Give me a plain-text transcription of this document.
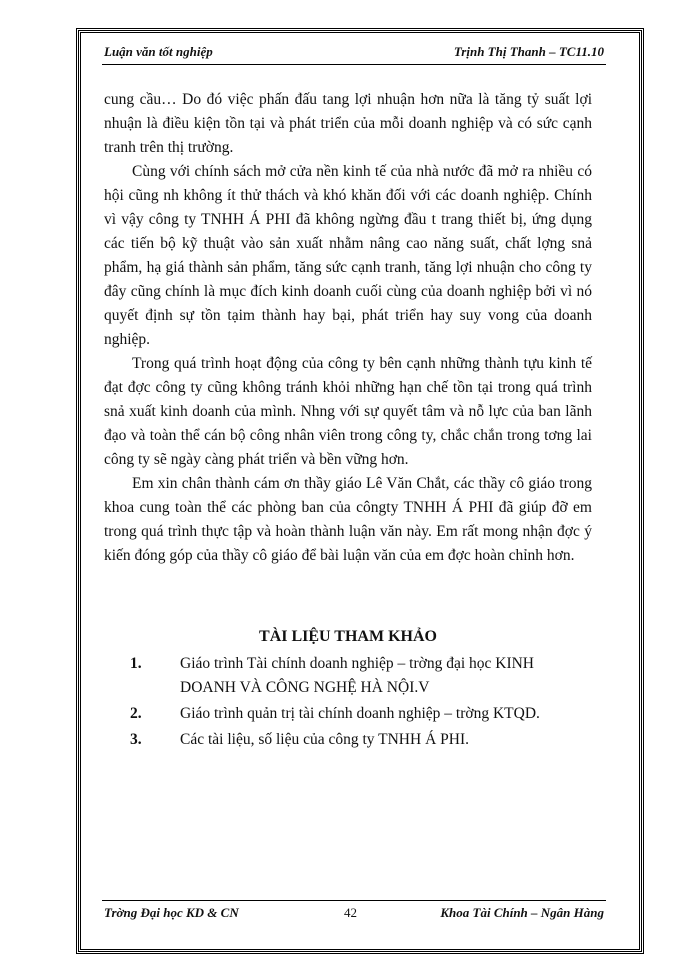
Luận văn tốt nghiệp	Trịnh Thị Thanh – TC11.10

cung cầu… Do đó việc phấn đấu tang lợi nhuận hơn nữa là tăng tỷ suất lợi nhuận là điều kiện tồn tại và phát triển của mỗi doanh nghiệp và có sức cạnh tranh trên thị trường.

Cùng với chính sách mở cửa nền kinh tế của nhà nước đã mở ra nhiều có hội cũng nh không ít thử thách và khó khăn đối với các doanh nghiệp. Chính vì vậy công ty TNHH Á PHI đã không ngừng đầu t trang thiết bị, ứng dụng các tiến bộ kỹ thuật vào sản xuất nhằm nâng cao năng suất, chất lợng snả phẩm, hạ giá thành sản phẩm, tăng sức cạnh tranh, tăng lợi nhuận cho công ty đây cũng chính là mục đích kinh doanh cuối cùng của doanh nghiệp bởi vì nó quyết định sự tồn tạim thành hay bại, phát triển hay suy vong của doanh nghiệp.

Trong quá trình hoạt động của công ty bên cạnh những thành tựu kinh tế đạt đợc công ty cũng không tránh khỏi những hạn chế tồn tại trong quá trình snả xuất kinh doanh của mình. Nhng với sự quyết tâm và nỗ lực của ban lãnh đạo và toàn thể cán bộ công nhân viên trong công ty, chắc chắn trong tơng lai công ty sẽ ngày càng phát triển và bền vững hơn.

Em xin chân thành cám ơn thầy giáo Lê Văn Chắt, các thầy cô giáo trong khoa cung toàn thể các phòng ban của côngty TNHH Á PHI đã giúp đỡ em trong quá trình thực tập và hoàn thành luận văn này. Em rất mong nhận đợc ý kiến đóng góp của thầy cô giáo để bài luận văn của em đợc hoàn chỉnh hơn.

TÀI LIỆU THAM KHẢO
1.	Giáo trình Tài chính doanh nghiệp – trờng đại học KINH DOANH VÀ CÔNG NGHỆ HÀ NỘI.V
2.	Giáo trình quản trị tài chính doanh nghiệp – trờng KTQD.
3.	Các tài liệu, số liệu của công ty TNHH Á PHI.
Trờng Đại học KD & CN	42	Khoa Tài Chính – Ngân Hàng
